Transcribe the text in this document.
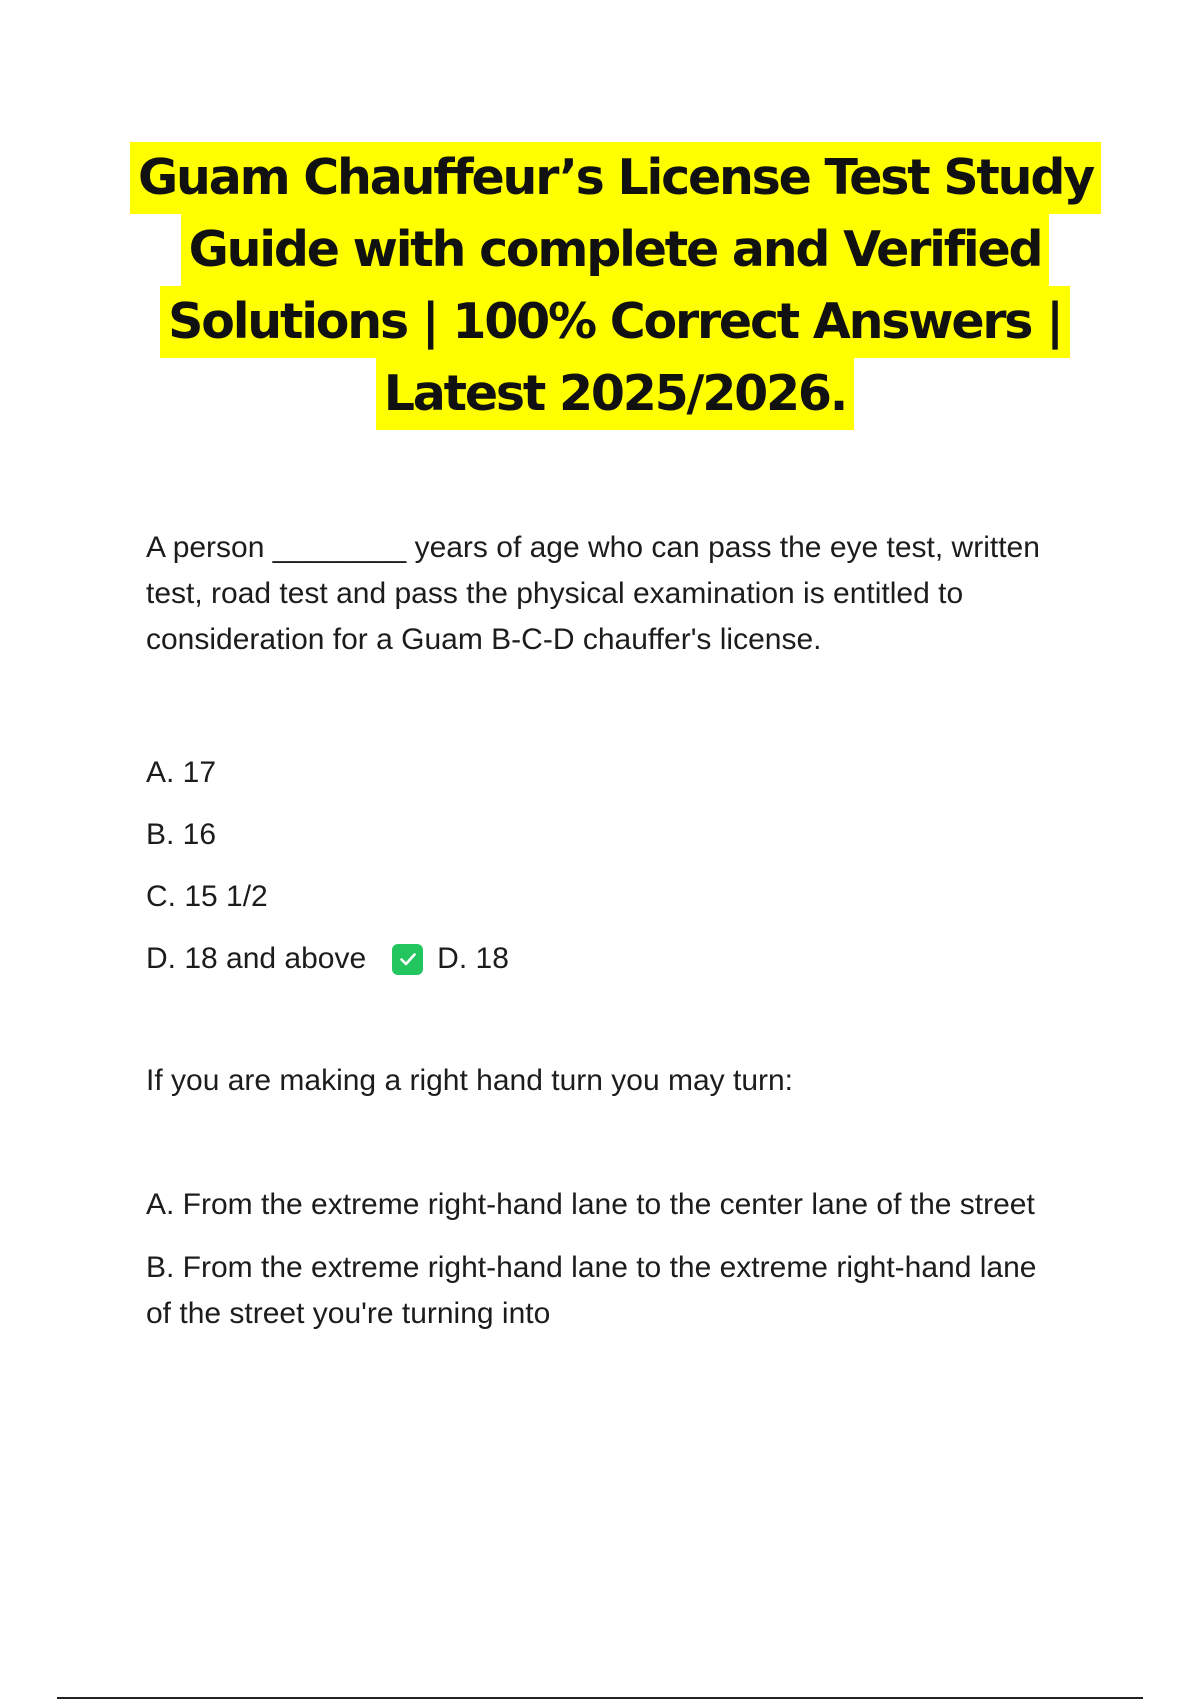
Guam Chauffeur’s License Test Study
Guide with complete and Verified
Solutions | 100% Correct Answers |
Latest 2025/2026.

A person ________ years of age who can pass the eye test, written test, road test and pass the physical examination is entitled to consideration for a Guam B-C-D chauffer's license.

A. 17
B. 16
C. 15 1/2
D. 18 and above D. 18

If you are making a right hand turn you may turn:

A. From the extreme right-hand lane to the center lane of the street
B. From the extreme right-hand lane to the extreme right-hand lane of the street you're turning into
